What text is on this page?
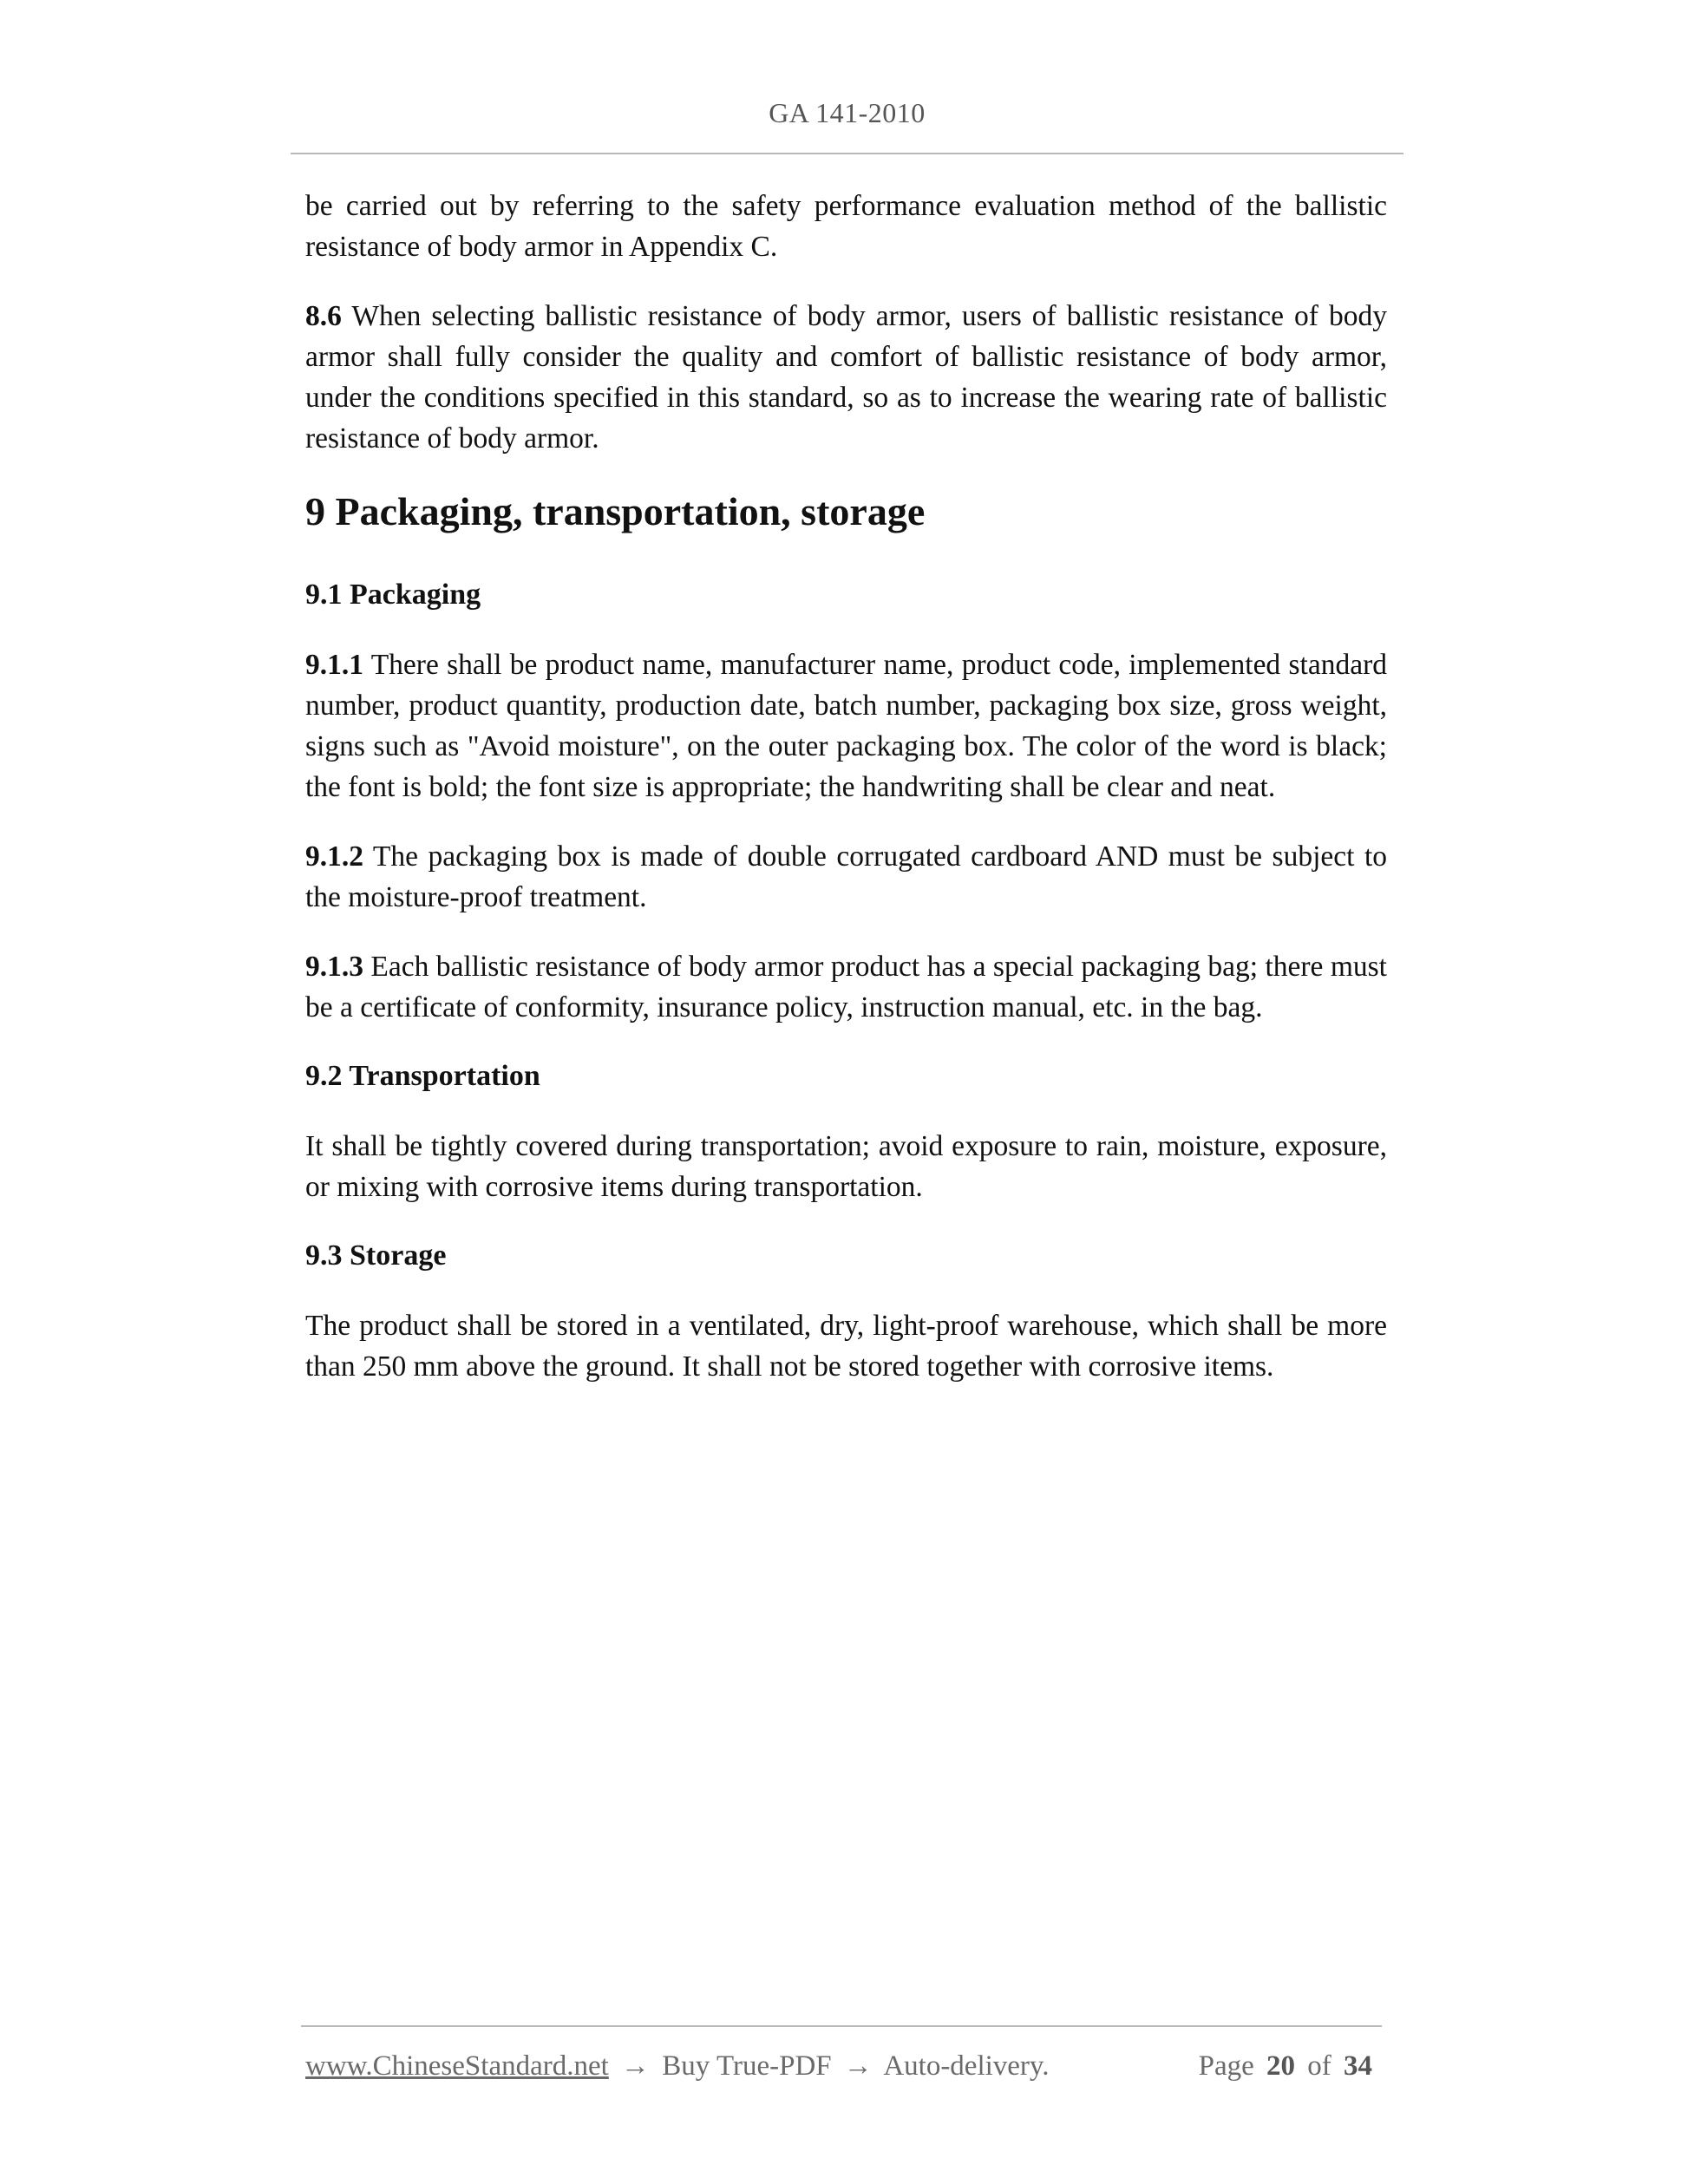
GA 141-2010

be carried out by referring to the safety performance evaluation method of the ballistic resistance of body armor in Appendix C.

8.6 When selecting ballistic resistance of body armor, users of ballistic resistance of body armor shall fully consider the quality and comfort of ballistic resistance of body armor, under the conditions specified in this standard, so as to increase the wearing rate of ballistic resistance of body armor.

9 Packaging, transportation, storage
9.1 Packaging

9.1.1 There shall be product name, manufacturer name, product code, implemented standard number, product quantity, production date, batch number, packaging box size, gross weight, signs such as "Avoid moisture", on the outer packaging box. The color of the word is black; the font is bold; the font size is appropriate; the handwriting shall be clear and neat.

9.1.2 The packaging box is made of double corrugated cardboard AND must be subject to the moisture-proof treatment.

9.1.3 Each ballistic resistance of body armor product has a special packaging bag; there must be a certificate of conformity, insurance policy, instruction manual, etc. in the bag.

9.2 Transportation

It shall be tightly covered during transportation; avoid exposure to rain, moisture, exposure, or mixing with corrosive items during transportation.

9.3 Storage

The product shall be stored in a ventilated, dry, light-proof warehouse, which shall be more than 250 mm above the ground. It shall not be stored together with corrosive items.

www.ChineseStandard.net → Buy True-PDF → Auto-delivery.	Page 20 of 34
